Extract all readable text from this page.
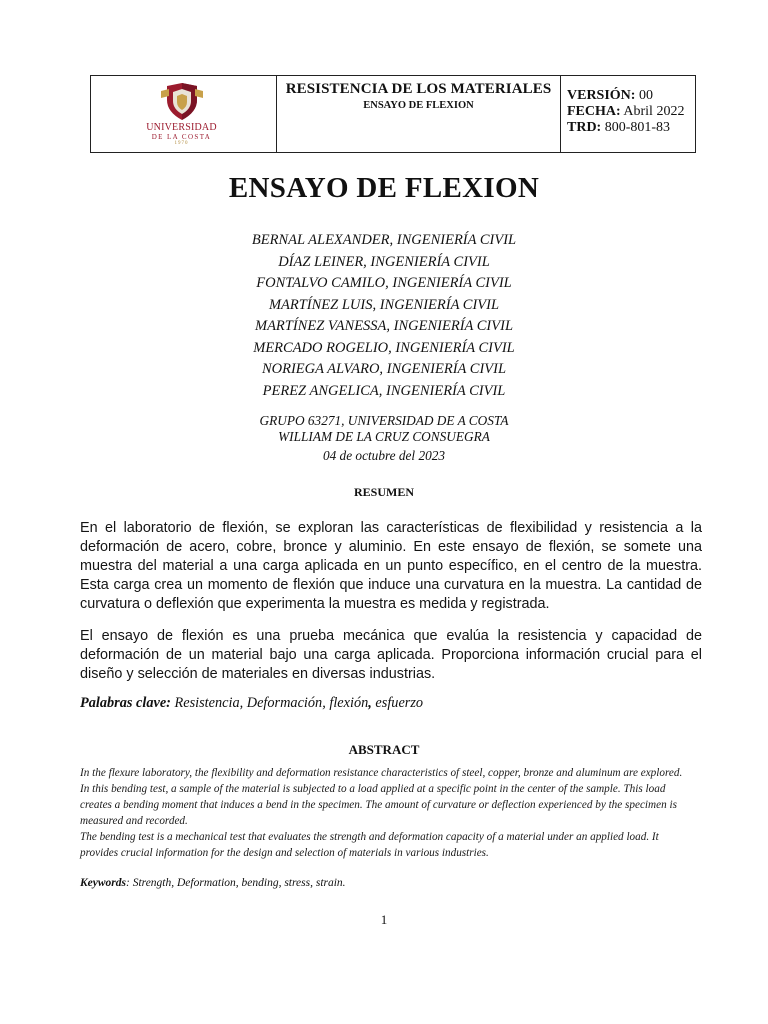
UNIVERSIDAD
DE LA COSTA
1970
RESISTENCIA DE LOS MATERIALES
ENSAYO DE FLEXION
VERSIÓN: 00
FECHA: Abril 2022
TRD: 800-801-83
ENSAYO DE FLEXION
BERNAL ALEXANDER, INGENIERÍA CIVIL
DÍAZ LEINER, INGENIERÍA CIVIL
FONTALVO CAMILO, INGENIERÍA CIVIL
MARTÍNEZ LUIS, INGENIERÍA CIVIL
MARTÍNEZ VANESSA, INGENIERÍA CIVIL
MERCADO ROGELIO, INGENIERÍA CIVIL
NORIEGA ALVARO, INGENIERÍA CIVIL
PEREZ ANGELICA, INGENIERÍA CIVIL
GRUPO 63271, UNIVERSIDAD DE A COSTA
WILLIAM DE LA CRUZ CONSUEGRA
04 de octubre del 2023
RESUMEN
En el laboratorio de flexión, se exploran las características de flexibilidad y resistencia a la deformación de acero, cobre, bronce y aluminio. En este ensayo de flexión, se somete una muestra del material a una carga aplicada en un punto específico, en el centro de la muestra. Esta carga crea un momento de flexión que induce una curvatura en la muestra. La cantidad de curvatura o deflexión que experimenta la muestra es medida y registrada.
El ensayo de flexión es una prueba mecánica que evalúa la resistencia y capacidad de deformación de un material bajo una carga aplicada. Proporciona información crucial para el diseño y selección de materiales en diversas industrias.
Palabras clave: Resistencia, Deformación, flexión, esfuerzo
ABSTRACT
In the flexure laboratory, the flexibility and deformation resistance characteristics of steel, copper, bronze and aluminum are explored. In this bending test, a sample of the material is subjected to a load applied at a specific point in the center of the sample. This load creates a bending moment that induces a bend in the specimen. The amount of curvature or deflection experienced by the specimen is measured and recorded.
The bending test is a mechanical test that evaluates the strength and deformation capacity of a material under an applied load. It provides crucial information for the design and selection of materials in various industries.
Keywords: Strength, Deformation, bending, stress, strain.
1
